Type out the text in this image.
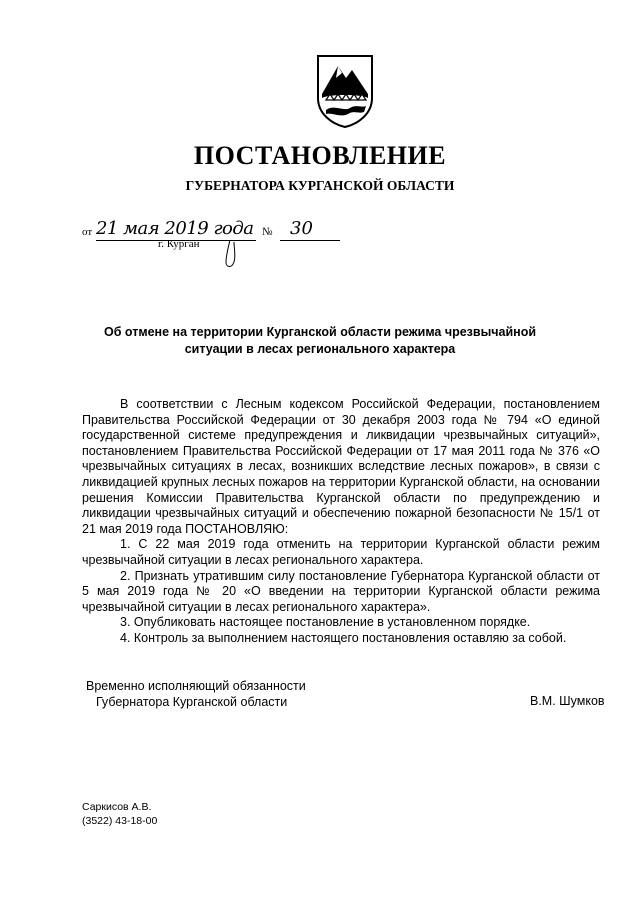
ПОСТАНОВЛЕНИЕ
ГУБЕРНАТОРА КУРГАНСКОЙ ОБЛАСТИ
от 21 мая 2019 года № 30
г. Курган
Об отмене на территории Курганской области режима чрезвычайной
ситуации в лесах регионального характера

В соответствии с Лесным кодексом Российской Федерации, постановлением Правительства Российской Федерации от 30 декабря 2003 года № 794 «О единой государственной системе предупреждения и ликвидации чрезвычайных ситуаций», постановлением Правительства Российской Федерации от 17 мая 2011 года № 376 «О чрезвычайных ситуациях в лесах, возникших вследствие лесных пожаров», в связи с ликвидацией крупных лесных пожаров на территории Курганской области, на основании решения Комиссии Правительства Курганской области по предупреждению и ликвидации чрезвычайных ситуаций и обеспечению пожарной безопасности № 15/1 от 21 мая 2019 года ПОСТАНОВЛЯЮ:

1. С 22 мая 2019 года отменить на территории Курганской области режим чрезвычайной ситуации в лесах регионального характера.

2. Признать утратившим силу постановление Губернатора Курганской области от 5 мая 2019 года № 20 «О введении на территории Курганской области режима чрезвычайной ситуации в лесах регионального характера».

3. Опубликовать настоящее постановление в установленном порядке.

4. Контроль за выполнением настоящего постановления оставляю за собой.

Временно исполняющий обязанности
Губернатора Курганской области	В.М. Шумков
Саркисов А.В.
(3522) 43-18-00
